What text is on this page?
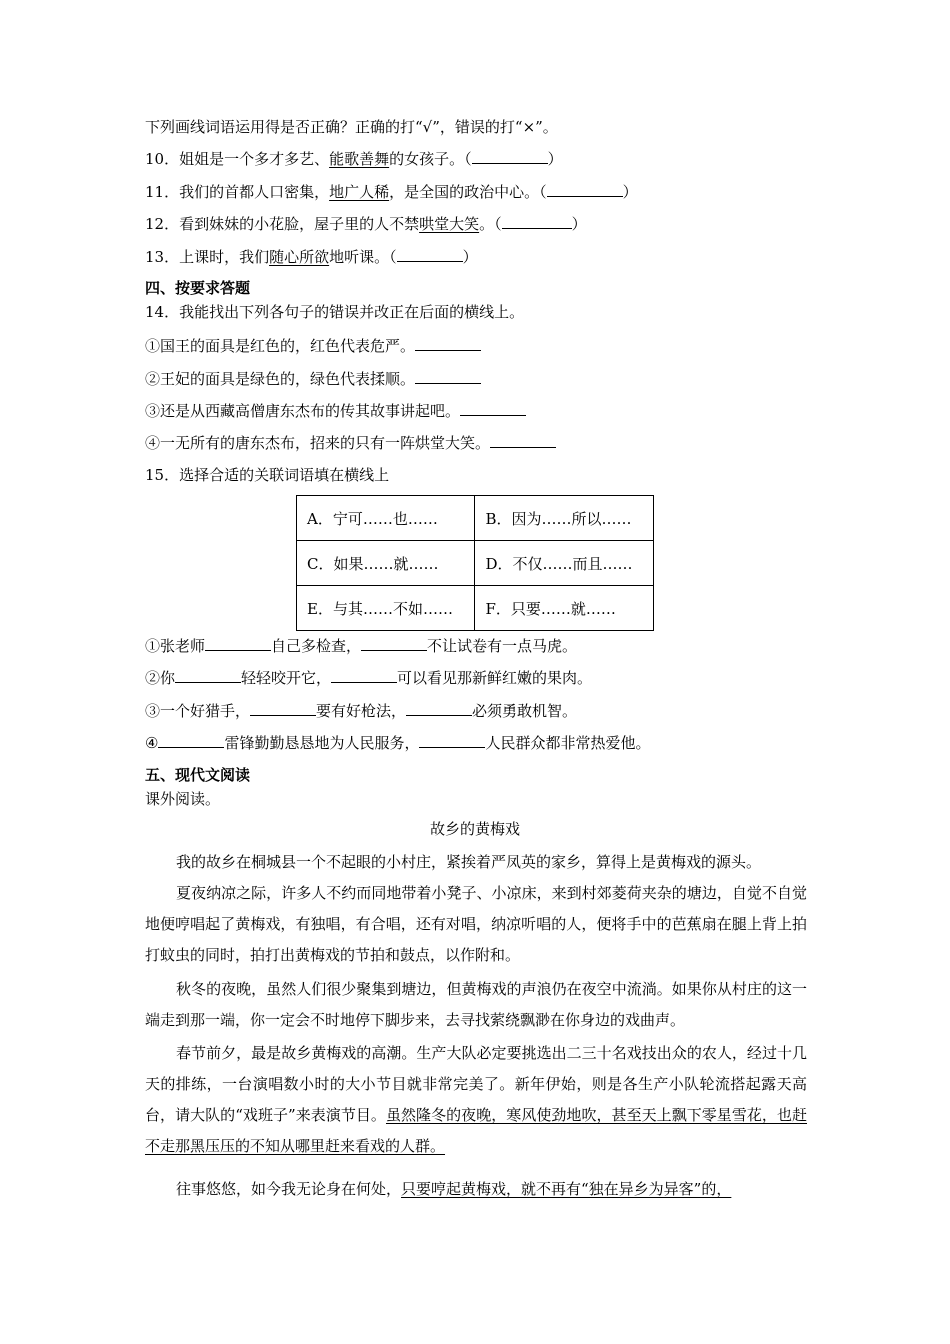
下列画线词语运用得是否正确？正确的打“√”，错误的打“×”。
10．姐姐是一个多才多艺、能歌善舞的女孩子。（	）
11．我们的首都人口密集，地广人稀，是全国的政治中心。（	）
12．看到妹妹的小花脸，屋子里的人不禁哄堂大笑。（	）
13．上课时，我们随心所欲地听课。（	）
四、按要求答题
14．我能找出下列各句子的错误并改正在后面的横线上。
①国王的面具是红色的，红色代表危严。
②王妃的面具是绿色的，绿色代表揉顺。
③还是从西藏高僧唐东杰布的传其故事讲起吧。
④一无所有的唐东杰布，招来的只有一阵烘堂大笑。
15．选择合适的关联词语填在横线上
A．宁可……也……	B．因为……所以……
C．如果……就……	D．不仅……而且……
E．与其……不如……	F．只要……就……
①张老师	自己多检查，	不让试卷有一点马虎。
②你	轻轻咬开它，	可以看见那新鲜红嫩的果肉。
③一个好猎手，	要有好枪法，	必须勇敢机智。
④	雷锋勤勤恳恳地为人民服务，	人民群众都非常热爱他。
五、现代文阅读
课外阅读。
故乡的黄梅戏
我的故乡在桐城县一个不起眼的小村庄，紧挨着严凤英的家乡，算得上是黄梅戏的源头。
夏夜纳凉之际，许多人不约而同地带着小凳子、小凉床，来到村郊菱荷夹杂的塘边，自觉不自觉地便哼唱起了黄梅戏，有独唱，有合唱，还有对唱，纳凉听唱的人，便将手中的芭蕉扇在腿上背上拍打蚊虫的同时，拍打出黄梅戏的节拍和鼓点，以作附和。
秋冬的夜晚，虽然人们很少聚集到塘边，但黄梅戏的声浪仍在夜空中流淌。如果你从村庄的这一端走到那一端，你一定会不时地停下脚步来，去寻找萦绕飘渺在你身边的戏曲声。
春节前夕，最是故乡黄梅戏的高潮。生产大队必定要挑选出二三十名戏技出众的农人，经过十几天的排练，一台演唱数小时的大小节目就非常完美了。新年伊始，则是各生产小队轮流搭起露天高台，请大队的“戏班子”来表演节目。虽然隆冬的夜晚，寒风使劲地吹，甚至天上飘下零星雪花，也赶不走那黑压压的不知从哪里赶来看戏的人群。
往事悠悠，如今我无论身在何处，只要哼起黄梅戏，就不再有“独在异乡为异客”的，
